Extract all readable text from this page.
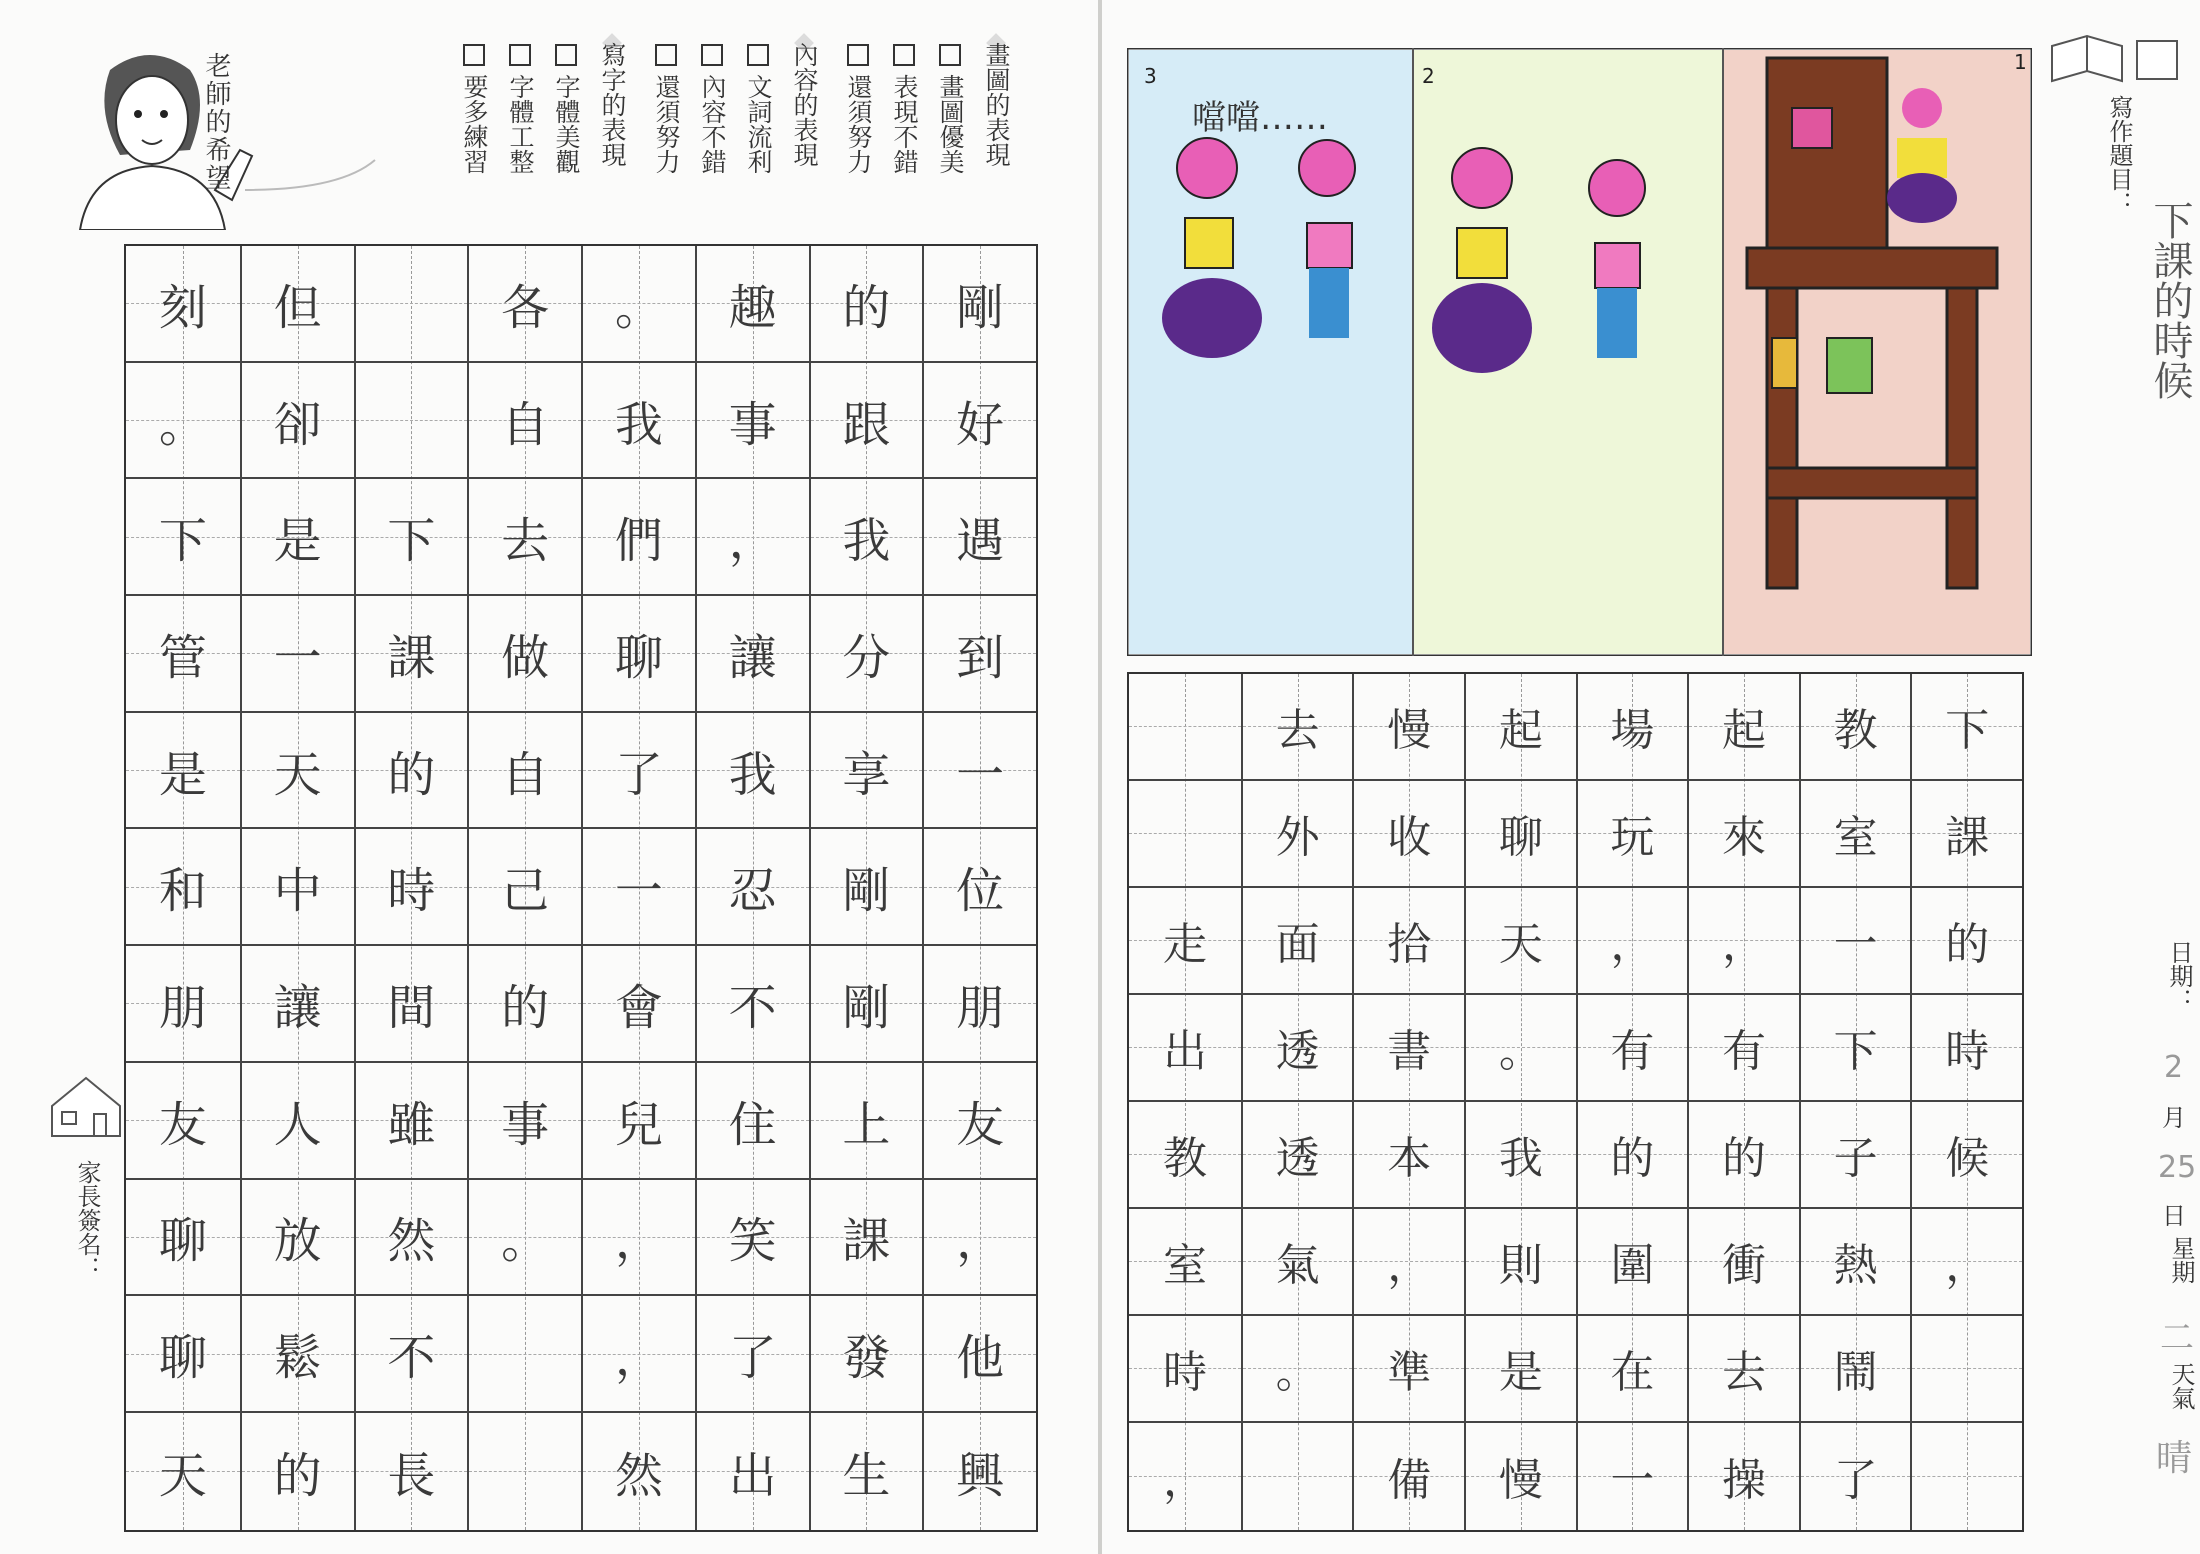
老師的希望	畫圖的表現
畫圖優美
表現不錯
還須努力
內容的表現
文詞流利
內容不錯
還須努力
寫字的表現
字體美觀
字體工整
要多練習
家長簽名：
剛
好
遇
到
一
位
朋
友
，
他
興
的
跟
我
分
享
剛
剛
上
課
發
生
趣
事
，
讓
我
忍
不
住
笑
了
出
。
我
們
聊
了
一
會
兒
，
，
然
各
自
去
做
自
己
的
事
。
下
課
的
時
間
雖
然
不
長
但
卻
是
一
天
中
讓
人
放
鬆
的
刻
。
下
管
是
和
朋
友
聊
聊
天
1
2
3
噹噹……	寫作題目：
下課的時候
日期：
2
月
25
日
星期
二
天氣
晴
下
課
的
時
候
，
教
室
一
下
子
熱
鬧
了
起
來
，
有
的
衝
去
操
場
玩
，
有
的
圍
在
一
起
聊
天
。
我
則
是
慢
慢
收
拾
書
本
，
準
備
去
外
面
透
透
氣
。
走
出
教
室
時
，
